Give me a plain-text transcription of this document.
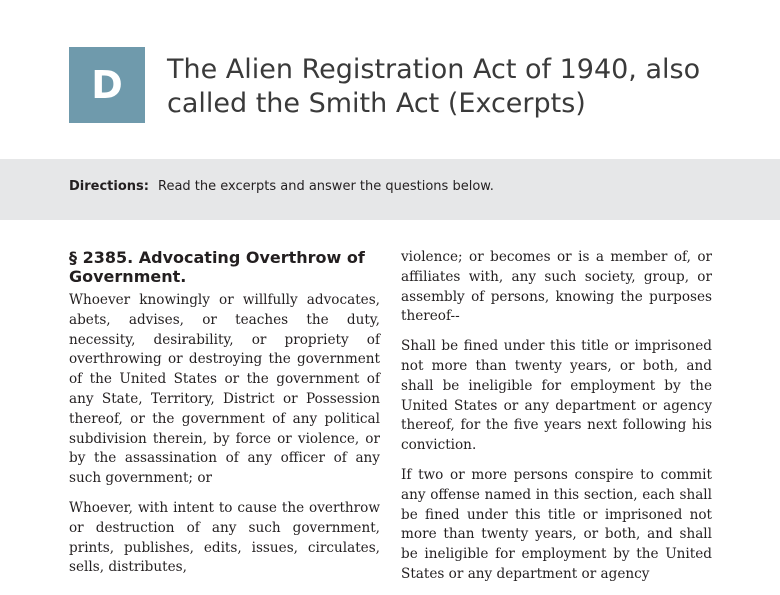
D The Alien Registration Act of 1940, also called the Smith Act (Excerpts)
Directions: Read the excerpts and answer the questions below.
§ 2385. Advocating Overthrow of Government.

Whoever knowingly or willfully advocates, abets, advises, or teaches the duty, necessity, desirability, or propriety of overthrowing or destroying the government of the United States or the government of any State, Territory, District or Possession thereof, or the government of any political subdivision therein, by force or violence, or by the assassination of any officer of any such government; or

Whoever, with intent to cause the overthrow or destruction of any such government, prints, publishes, edits, issues, circulates, sells, distributes,

violence; or becomes or is a member of, or affiliates with, any such society, group, or assembly of persons, knowing the purposes thereof--

Shall be fined under this title or imprisoned not more than twenty years, or both, and shall be ineligible for employment by the United States or any department or agency thereof, for the five years next following his conviction.

If two or more persons conspire to commit any offense named in this section, each shall be fined under this title or imprisoned not more than twenty years, or both, and shall be ineligible for employment by the United States or any department or agency
